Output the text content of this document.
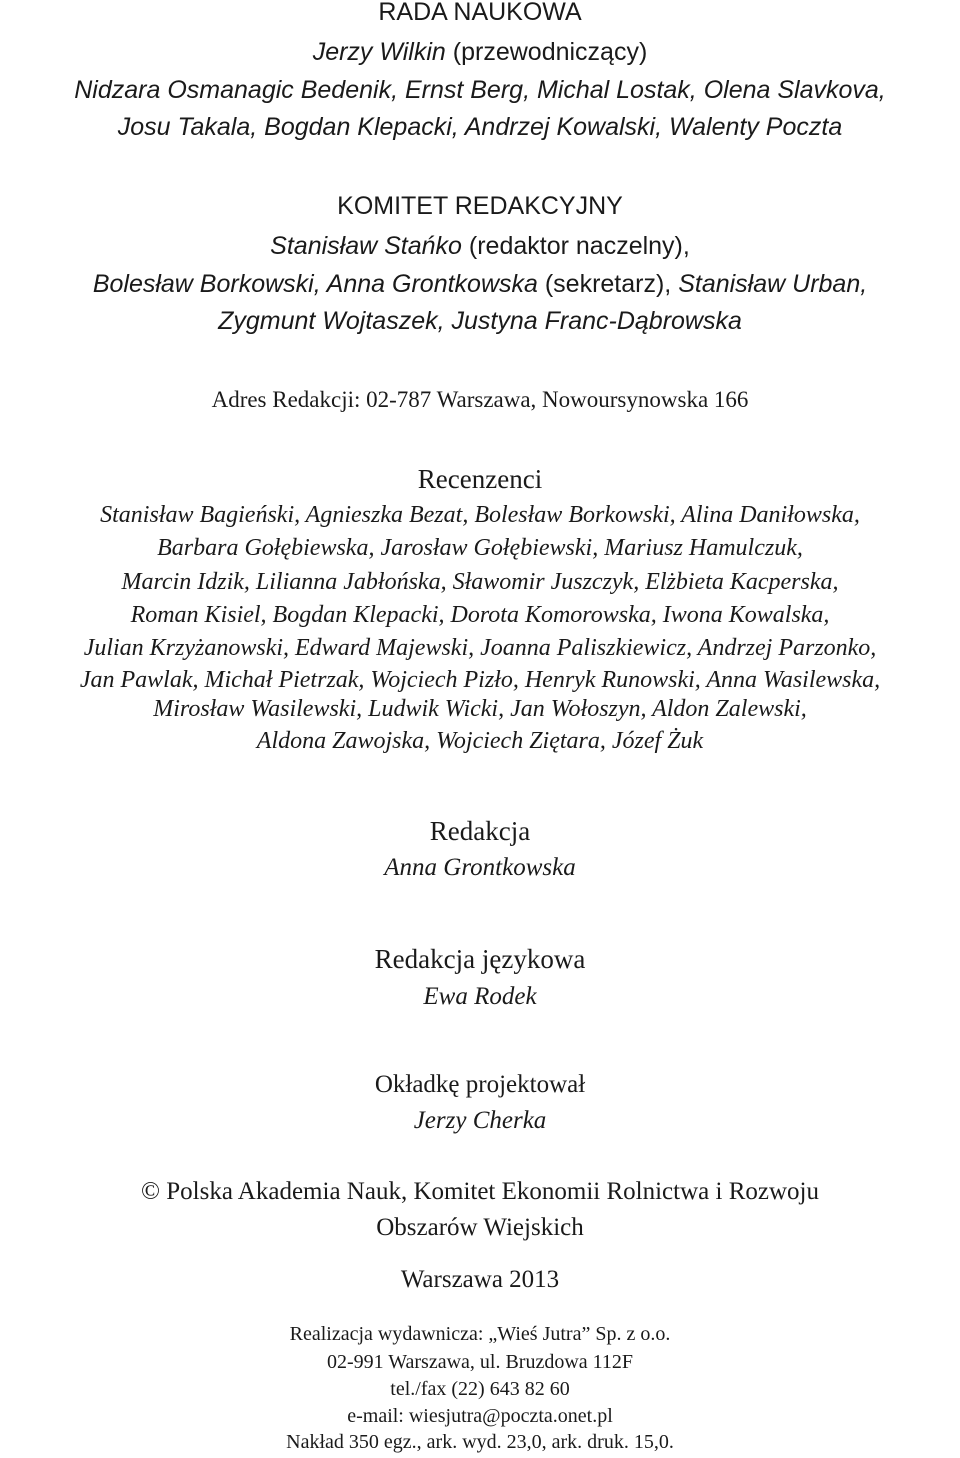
RADA NAUKOWA
Jerzy Wilkin (przewodniczący)
Nidzara Osmanagic Bedenik, Ernst Berg, Michal Lostak, Olena Slavkova,
Josu Takala, Bogdan Klepacki, Andrzej Kowalski, Walenty Poczta
KOMITET REDAKCYJNY
Stanisław Stańko (redaktor naczelny),
Bolesław Borkowski, Anna Grontkowska (sekretarz), Stanisław Urban,
Zygmunt Wojtaszek, Justyna Franc-Dąbrowska
Adres Redakcji: 02-787 Warszawa, Nowoursynowska 166
Recenzenci
Stanisław Bagieński, Agnieszka Bezat, Bolesław Borkowski, Alina Daniłowska,
Barbara Gołębiewska, Jarosław Gołębiewski, Mariusz Hamulczuk,
Marcin Idzik, Lilianna Jabłońska, Sławomir Juszczyk, Elżbieta Kacperska,
Roman Kisiel, Bogdan Klepacki, Dorota Komorowska, Iwona Kowalska,
Julian Krzyżanowski, Edward Majewski, Joanna Paliszkiewicz, Andrzej Parzonko,
Jan Pawlak, Michał Pietrzak, Wojciech Pizło, Henryk Runowski, Anna Wasilewska,
Mirosław Wasilewski, Ludwik Wicki, Jan Wołoszyn, Aldon Zalewski,
Aldona Zawojska, Wojciech Ziętara, Józef Żuk
Redakcja
Anna Grontkowska
Redakcja językowa
Ewa Rodek
Okładkę projektował
Jerzy Cherka
© Polska Akademia Nauk, Komitet Ekonomii Rolnictwa i Rozwoju
Obszarów Wiejskich
Warszawa 2013
Realizacja wydawnicza: „Wieś Jutra” Sp. z o.o.
02-991 Warszawa, ul. Bruzdowa 112F
tel./fax (22) 643 82 60
e-mail: wiesjutra@poczta.onet.pl
Nakład 350 egz., ark. wyd. 23,0, ark. druk. 15,0.
